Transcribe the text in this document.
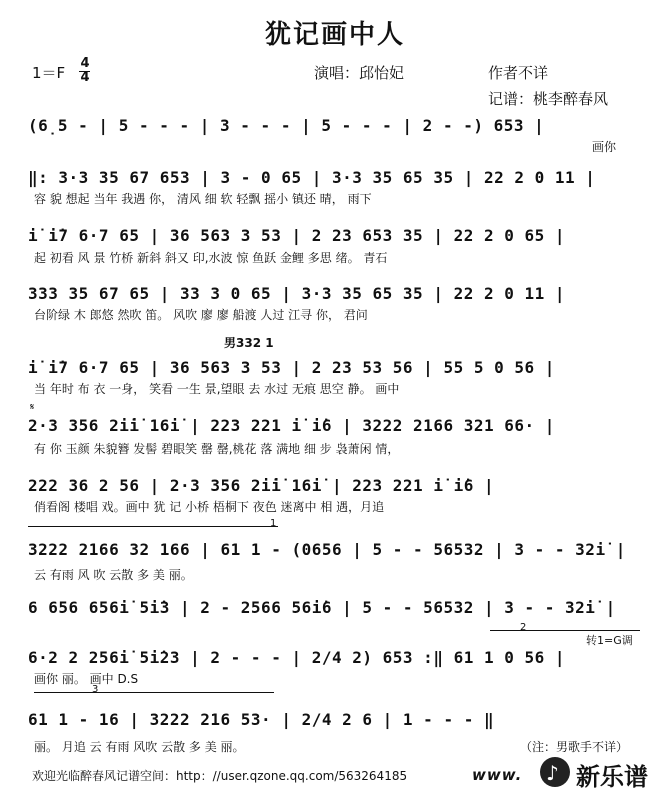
犹记画中人
1＝F
4
4	演唱：邱怡妃	作者不详
记谱：桃李醉春风
(6̣5 - | 5 - - - | 3 - - - | 5 - - - | 2 - -) 653 |
画你
‖: 3·3 35 67 653 | 3 - 0 65 | 3·3 35 65 35 | 22 2 0 11 |
容 貌 想起 当年 我遇 你， 清风 细 软 轻飘 摇小 镇还 晴， 雨下
i̇ i̇7 6·7 65 | 36 563 3 53 | 2 23 653 35 | 22 2 0 65 |
起 初看 风 景 竹桥 新斜 斜又 印,水波 惊 鱼跃 金鲤 多思 绪。 青石
333 35 67 65 | 33 3 0 65 | 3·3 35 65 35 | 22 2 0 11 |
台阶绿 木 郎悠 然吹 笛。 风吹 廖 廖 船渡 人过 江寻 你， 君问
男332 1
i̇ i̇7 6·7 65 | 36 563 3 53 | 2 23 53 56 | 55 5 0 56 |
当 年时 布 衣 一身， 笑看 一生 景,望眼 去 水过 无痕 思空 静。 画中
𝄋
2·3 356 2i̇i̇ 16i̇ | 223 221 i̇ i̇6 | 3222 2166 321 66· |
有 你 玉颜 朱貌簪 发髻 碧眼笑 罄 罄,桃花 落 满地 细 步 袅萧闲 情，
222 36 2 56 | 2·3 356 2i̇i̇ 16i̇ | 223 221 i̇ i̇6 |
俏看阁 楼唱 戏。画中 犹 记 小桥 梧桐下 夜色 迷离中 相 遇，月追
1
3222 2166 32 166 | 61 1 - (0656 | 5 - - 56532 | 3 - - 32i̇ |
云 有雨 风 吹 云散 多 美 丽。
6 656 656i̇ 5i̇3 | 2 - 2566 56i̇6 | 5 - - 56532 | 3 - - 32i̇ |
2
转1=G调
6·2 2 256i̇ 5i̇23 | 2 - - - | 2/4 2) 653 :‖ 61 1 0 56 |
画你 丽。 画中 D.S
3
61 1 - 16 | 3222 216 53· | 2/4 2 6 | 1 - - - ‖
丽。 月追 云 有雨 风吹 云散 多 美 丽。	（注：男歌手不详）
欢迎光临醉春风记谱空间：http：//user.qzone.qq.com/563264185	www. ♪ 新乐谱
